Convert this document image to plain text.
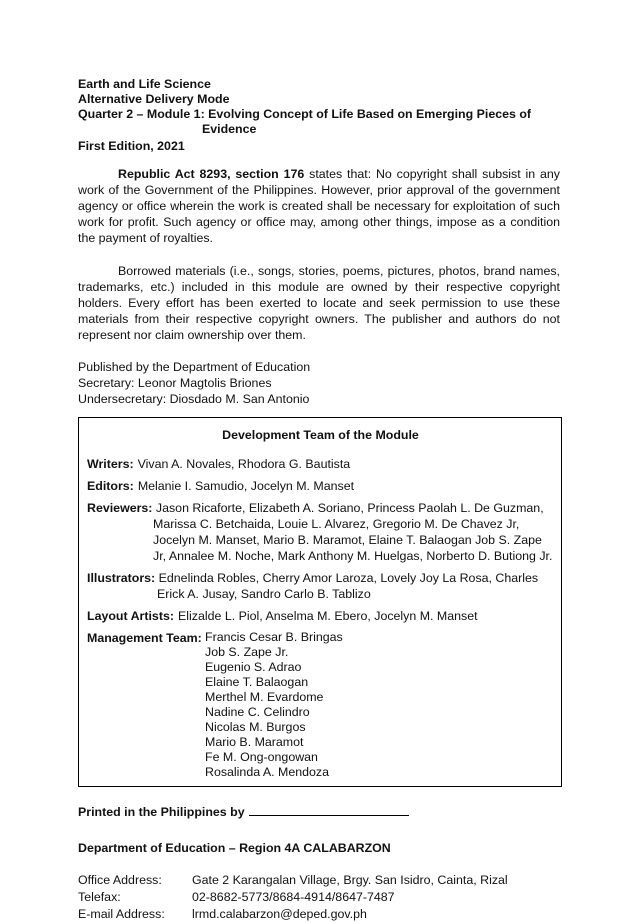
Earth and Life Science
Alternative Delivery Mode
Quarter 2 – Module 1: Evolving Concept of Life Based on Emerging Pieces of
Evidence
First Edition, 2021

Republic Act 8293, section 176 states that: No copyright shall subsist in any work of the Government of the Philippines. However, prior approval of the government agency or office wherein the work is created shall be necessary for exploitation of such work for profit. Such agency or office may, among other things, impose as a condition the payment of royalties.

Borrowed materials (i.e., songs, stories, poems, pictures, photos, brand names, trademarks, etc.) included in this module are owned by their respective copyright holders. Every effort has been exerted to locate and seek permission to use these materials from their respective copyright owners. The publisher and authors do not represent nor claim ownership over them.

Published by the Department of Education
Secretary: Leonor Magtolis Briones
Undersecretary: Diosdado M. San Antonio
Development Team of the Module
Writers: Vivan A. Novales, Rhodora G. Bautista
Editors: Melanie I. Samudio, Jocelyn M. Manset
Reviewers: Jason Ricaforte, Elizabeth A. Soriano, Princess Paolah L. De Guzman, Marissa C. Betchaida, Louie L. Alvarez, Gregorio M. De Chavez Jr, Jocelyn M. Manset, Mario B. Maramot, Elaine T. Balaogan Job S. Zape Jr, Annalee M. Noche, Mark Anthony M. Huelgas, Norberto D. Butiong Jr.
Illustrators: Ednelinda Robles, Cherry Amor Laroza, Lovely Joy La Rosa, Charles Erick A. Jusay, Sandro Carlo B. Tablizo
Layout Artists: Elizalde L. Piol, Anselma M. Ebero, Jocelyn M. Manset
Management Team: Francis Cesar B. Bringas
Job S. Zape Jr.
Eugenio S. Adrao
Elaine T. Balaogan
Merthel M. Evardome
Nadine C. Celindro
Nicolas M. Burgos
Mario B. Maramot
Fe M. Ong-ongowan
Rosalinda A. Mendoza
Printed in the Philippines by
Department of Education – Region 4A CALABARZON
Office Address:	Gate 2 Karangalan Village, Brgy. San Isidro, Cainta, Rizal
Telefax:	02-8682-5773/8684-4914/8647-7487
E-mail Address:	lrmd.calabarzon@deped.gov.ph
